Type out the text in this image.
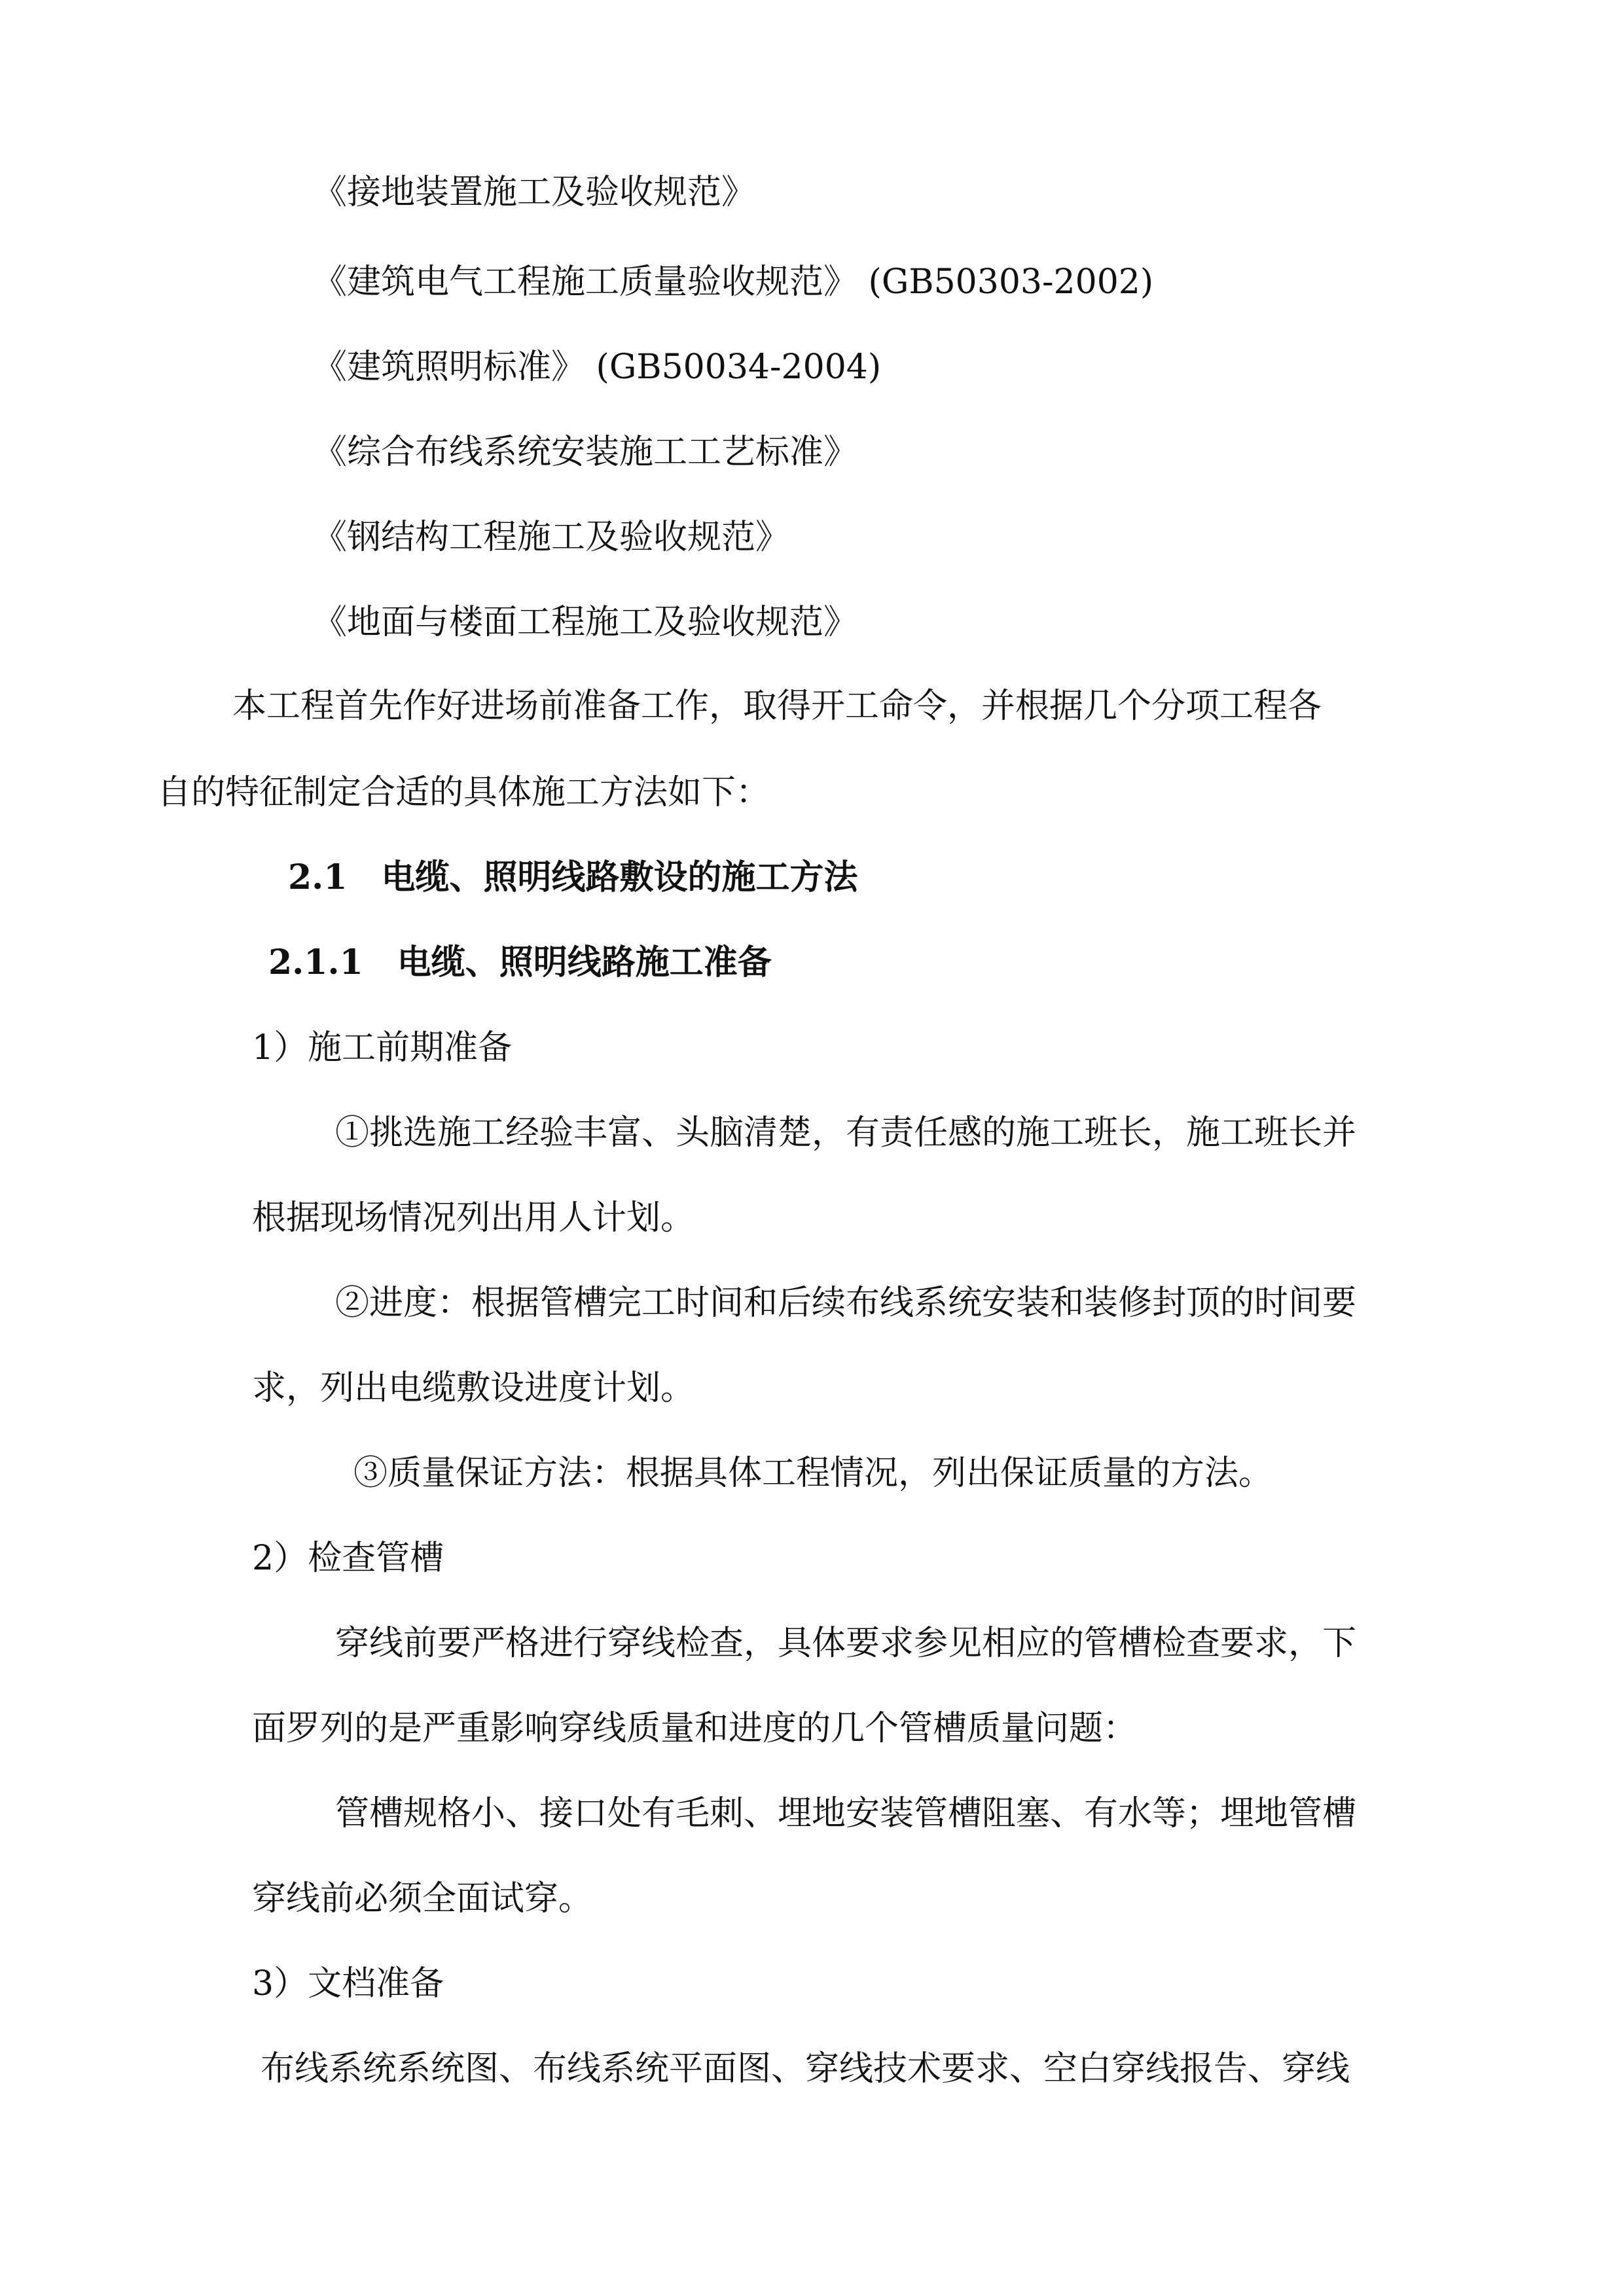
《接地装置施工及验收规范》
《建筑电气工程施工质量验收规范》 (GB50303-2002)
《建筑照明标准》 (GB50034-2004)
《综合布线系统安装施工工艺标准》
《钢结构工程施工及验收规范》
《地面与楼面工程施工及验收规范》
本工程首先作好进场前准备工作，取得开工命令，并根据几个分项工程各
自的特征制定合适的具体施工方法如下：
2.1　电缆、照明线路敷设的施工方法
2.1.1　电缆、照明线路施工准备
1）施工前期准备
①挑选施工经验丰富、头脑清楚，有责任感的施工班长，施工班长并
根据现场情况列出用人计划。
②进度：根据管槽完工时间和后续布线系统安装和装修封顶的时间要
求，列出电缆敷设进度计划。
③质量保证方法：根据具体工程情况，列出保证质量的方法。
2）检查管槽
穿线前要严格进行穿线检查，具体要求参见相应的管槽检查要求，下
面罗列的是严重影响穿线质量和进度的几个管槽质量问题：
管槽规格小、接口处有毛刺、埋地安装管槽阻塞、有水等；埋地管槽
穿线前必须全面试穿。
3）文档准备
布线系统系统图、布线系统平面图、穿线技术要求、空白穿线报告、穿线
